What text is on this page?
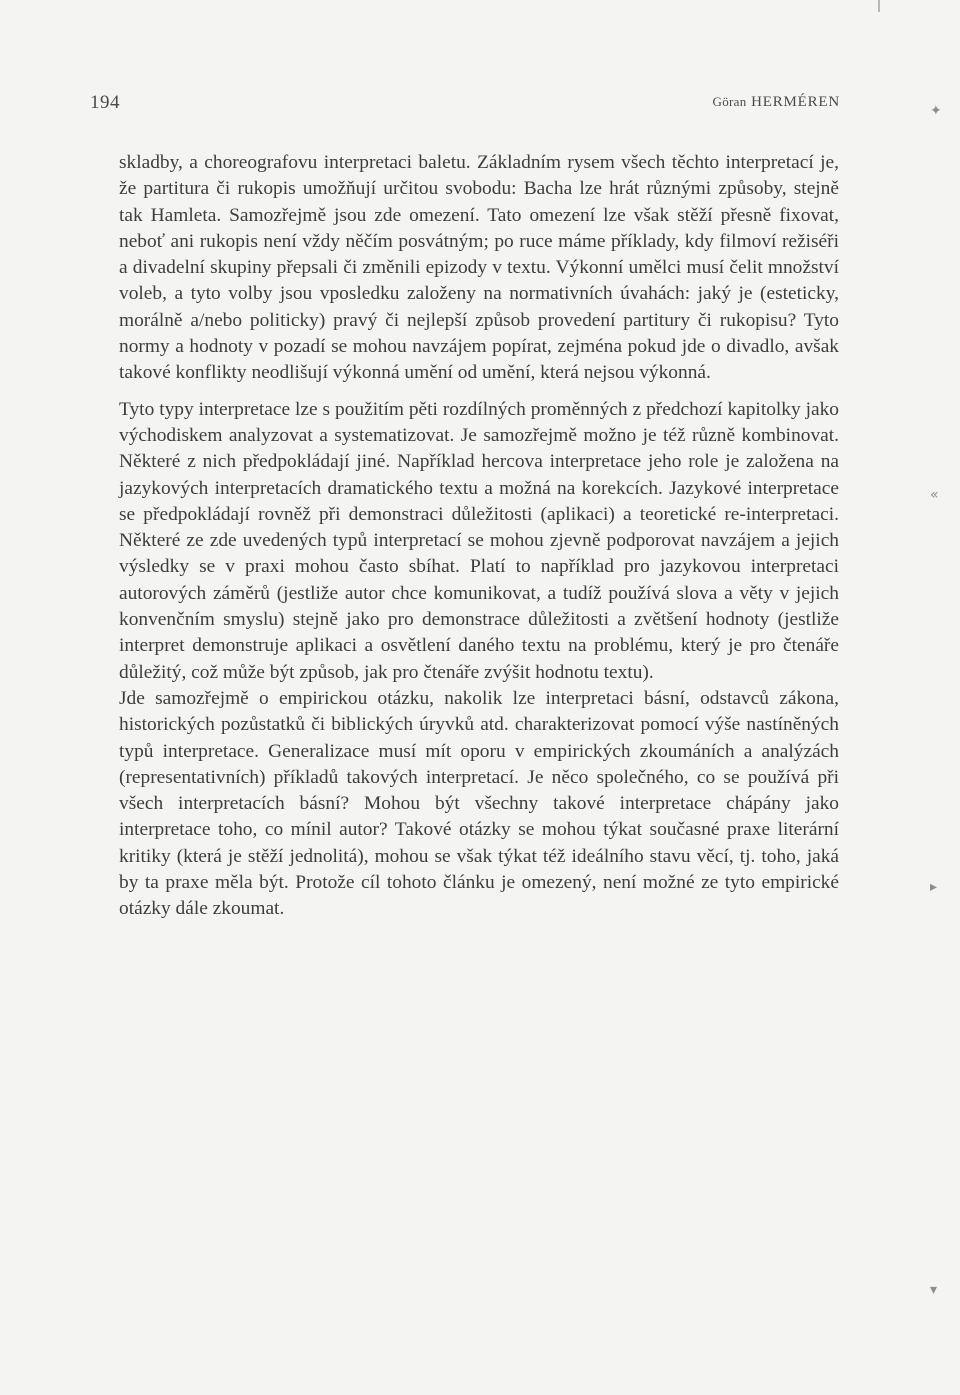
194	Göran HERMÉREN

skladby, a choreografovu interpretaci baletu. Základním rysem všech těchto interpretací je, že partitura či rukopis umožňují určitou svobodu: Bacha lze hrát různými způsoby, stejně tak Hamleta. Samozřejmě jsou zde omezení. Tato omezení lze však stěží přesně fixovat, neboť ani rukopis není vždy něčím posvátným; po ruce máme příklady, kdy filmoví režiséři a divadelní skupiny přepsali či změnili epizody v textu. Výkonní umělci musí čelit množství voleb, a tyto volby jsou vposledku založeny na normativních úvahách: jaký je (esteticky, morálně a/nebo politicky) pravý či nejlepší způsob provedení partitury či rukopisu? Tyto normy a hodnoty v pozadí se mohou navzájem popírat, zejména pokud jde o divadlo, avšak takové konflikty neodlišují výkonná umění od umění, která nejsou výkonná.

Tyto typy interpretace lze s použitím pěti rozdílných proměnných z předchozí kapitolky jako východiskem analyzovat a systematizovat. Je samozřejmě možno je též různě kombinovat. Některé z nich předpokládají jiné. Například hercova interpretace jeho role je založena na jazykových interpretacích dramatického textu a možná na korekcích. Jazykové interpretace se předpokládají rovněž při demonstraci důležitosti (aplikaci) a teoretické re-interpretaci. Některé ze zde uvedených typů interpretací se mohou zjevně podporovat navzájem a jejich výsledky se v praxi mohou často sbíhat. Platí to například pro jazykovou interpretaci autorových záměrů (jestliže autor chce komunikovat, a tudíž používá slova a věty v jejich konvenčním smyslu) stejně jako pro demonstrace důležitosti a zvětšení hodnoty (jestliže interpret demonstruje aplikaci a osvětlení daného textu na problému, který je pro čtenáře důležitý, což může být způsob, jak pro čtenáře zvýšit hodnotu textu).

Jde samozřejmě o empirickou otázku, nakolik lze interpretaci básní, odstavců zákona, historických pozůstatků či biblických úryvků atd. charakterizovat pomocí výše nastíněných typů interpretace. Generalizace musí mít oporu v empirických zkoumáních a analýzách (representativních) příkladů takových interpretací. Je něco společného, co se používá při všech interpretacích básní? Mohou být všechny takové interpretace chápány jako interpretace toho, co mínil autor? Takové otázky se mohou týkat současné praxe literární kritiky (která je stěží jednolitá), mohou se však týkat též ideálního stavu věcí, tj. toho, jaká by ta praxe měla být. Protože cíl tohoto článku je omezený, není možné ze tyto empirické otázky dále zkoumat.

✦
«
▸
▾
